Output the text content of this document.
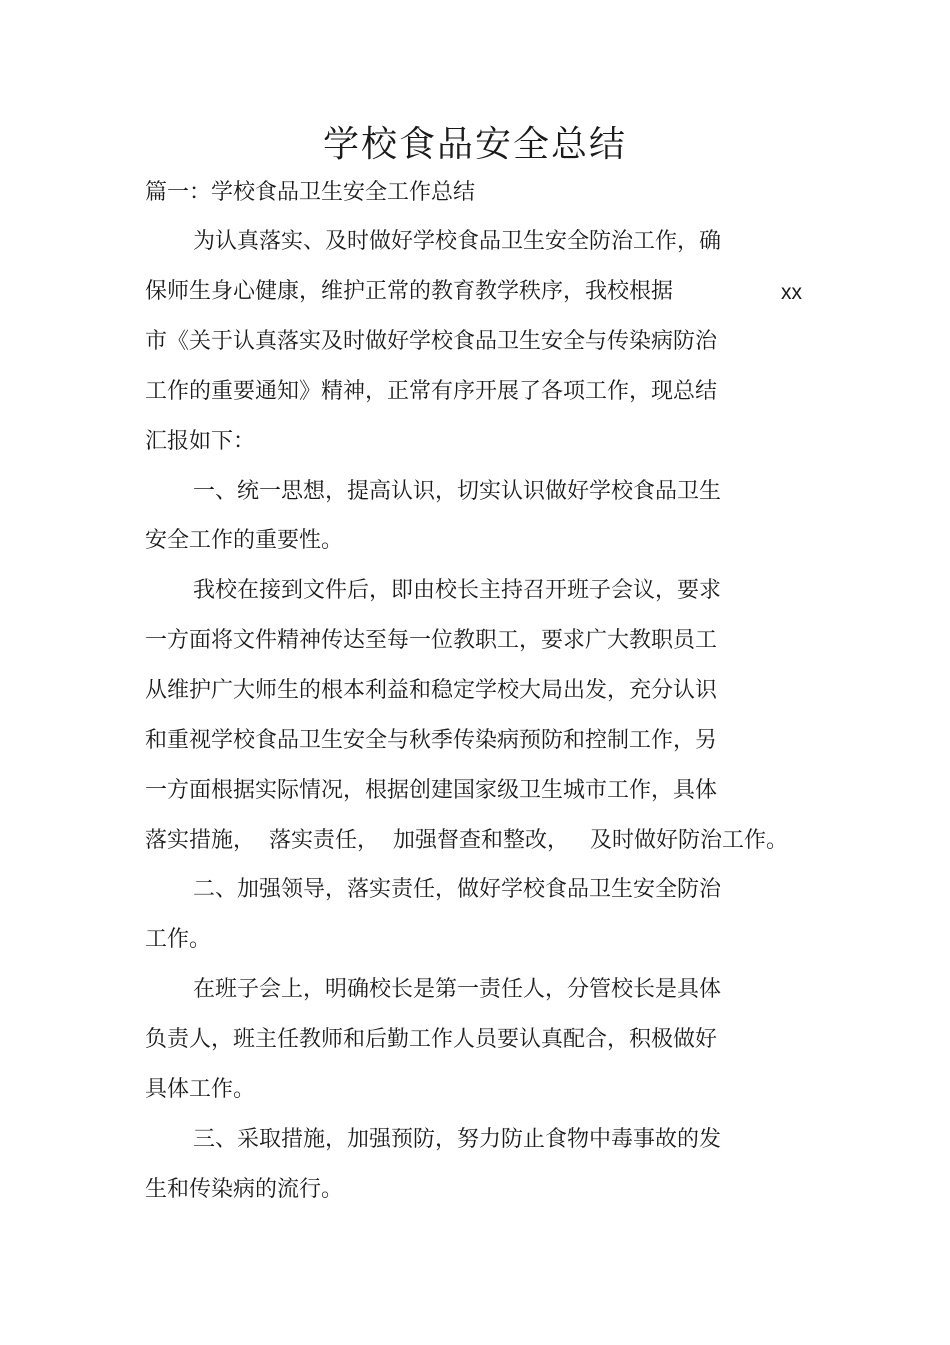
学校食品安全总结
篇一：学校食品卫生安全工作总结
为认真落实、及时做好学校食品卫生安全防治工作，确
保师生身心健康，维护正常的教育教学秩序，我校根据	xx
市《关于认真落实及时做好学校食品卫生安全与传染病防治
工作的重要通知》精神，正常有序开展了各项工作，现总结
汇报如下：
一、统一思想，提高认识，切实认识做好学校食品卫生
安全工作的重要性。
我校在接到文件后，即由校长主持召开班子会议，要求
一方面将文件精神传达至每一位教职工，要求广大教职员工
从维护广大师生的根本利益和稳定学校大局出发，充分认识
和重视学校食品卫生安全与秋季传染病预防和控制工作，另
一方面根据实际情况，根据创建国家级卫生城市工作，具体
落实措施，  落实责任，  加强督查和整改，   及时做好防治工作。
二、加强领导，落实责任，做好学校食品卫生安全防治
工作。
在班子会上，明确校长是第一责任人，分管校长是具体
负责人，班主任教师和后勤工作人员要认真配合，积极做好
具体工作。
三、采取措施，加强预防，努力防止食物中毒事故的发
生和传染病的流行。
